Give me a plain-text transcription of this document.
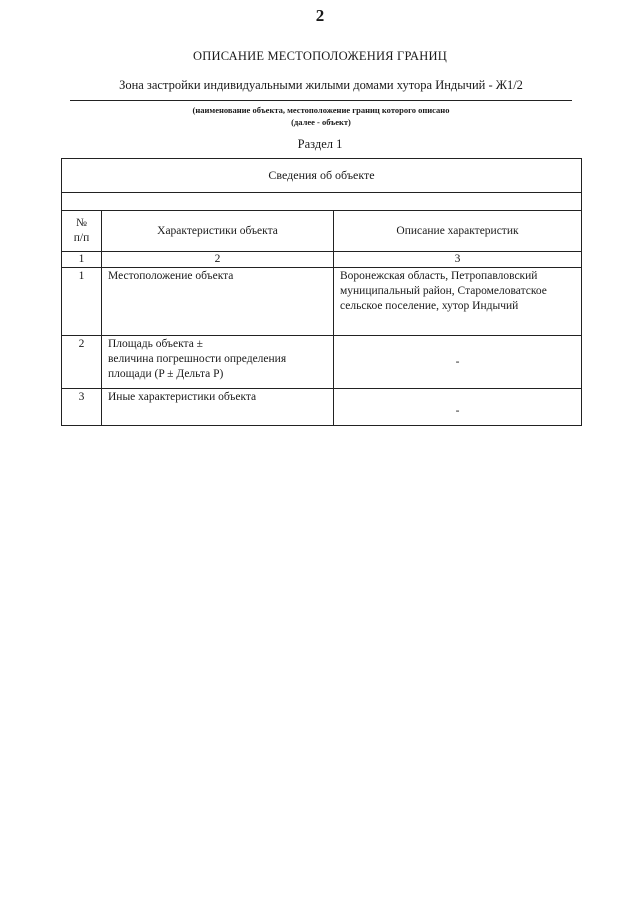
2
ОПИСАНИЕ МЕСТОПОЛОЖЕНИЯ ГРАНИЦ
Зона застройки индивидуальными жилыми домами хутора Индычий - Ж1/2
(наименование объекта, местоположение границ которого описано
(далее - объект)
Раздел 1
Сведения об объекте		

№
п/п	Характеристики объекта	Описание характеристик
1	2	3
1	Местоположение объекта	Воронежская область, Петропавловский
муниципальный район, Старомеловатское
сельское поселение, хутор Индычий

2	Площадь объекта ±
величина погрешности определения
площади (P ± Дельта P)	-
3	Иные характеристики объекта	-
